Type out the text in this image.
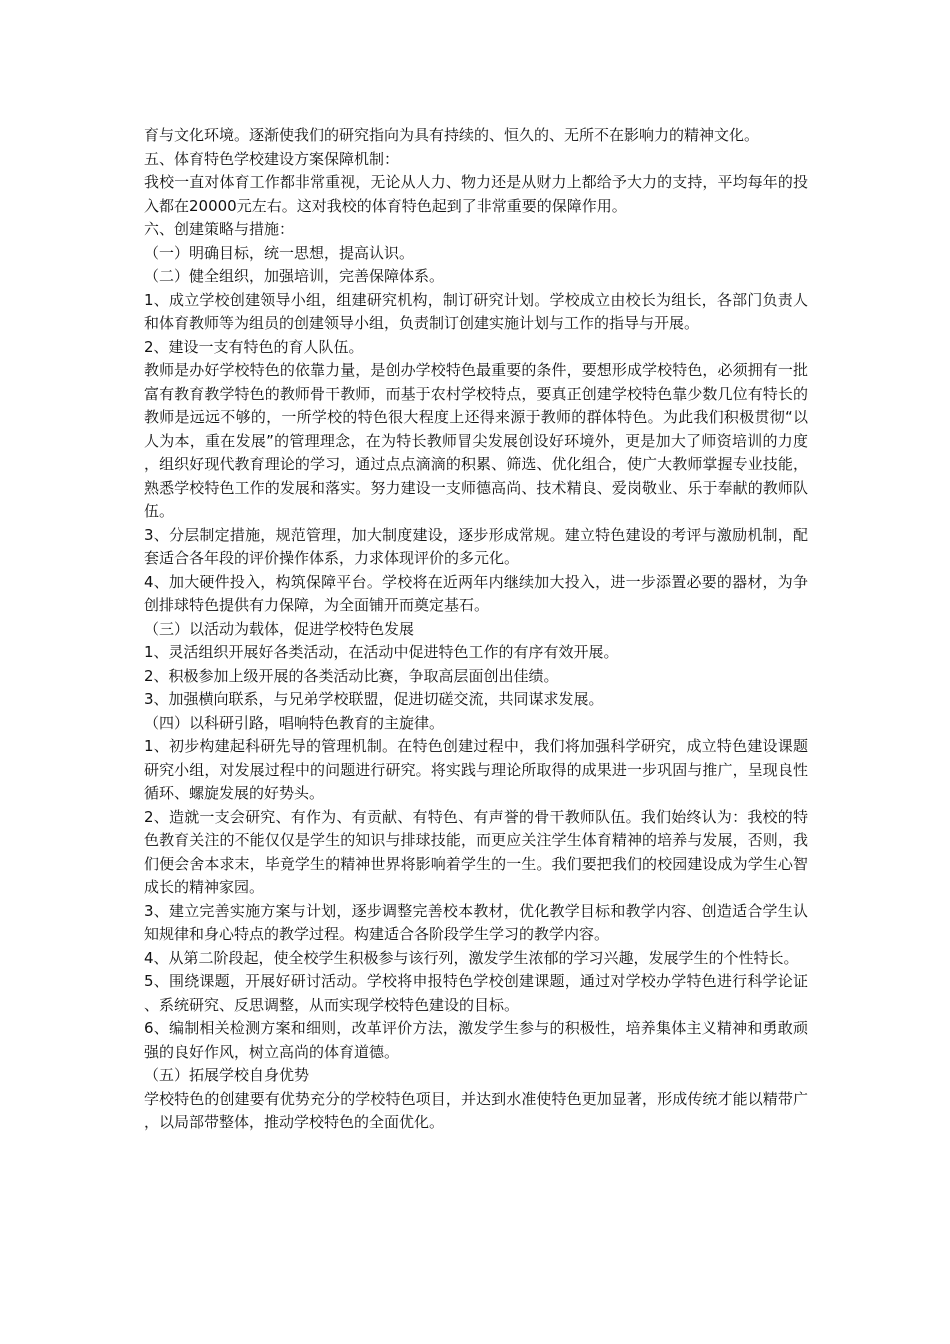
育与文化环境。逐渐使我们的研究指向为具有持续的、恒久的、无所不在影响力的精神文化。

五、体育特色学校建设方案保障机制：

我校一直对体育工作都非常重视，无论从人力、物力还是从财力上都给予大力的支持，平均每年的投入都在20000元左右。这对我校的体育特色起到了非常重要的保障作用。

六、创建策略与措施：

（一）明确目标，统一思想，提高认识。

（二）健全组织，加强培训，完善保障体系。

1、成立学校创建领导小组，组建研究机构，制订研究计划。学校成立由校长为组长，各部门负责人和体育教师等为组员的创建领导小组，负责制订创建实施计划与工作的指导与开展。

2、建设一支有特色的育人队伍。

教师是办好学校特色的依靠力量，是创办学校特色最重要的条件，要想形成学校特色，必须拥有一批富有教育教学特色的教师骨干教师，而基于农村学校特点，要真正创建学校特色靠少数几位有特长的教师是远远不够的，一所学校的特色很大程度上还得来源于教师的群体特色。为此我们积极贯彻“以人为本，重在发展”的管理理念，在为特长教师冒尖发展创设好环境外，更是加大了师资培训的力度，组织好现代教育理论的学习，通过点点滴滴的积累、筛选、优化组合，使广大教师掌握专业技能，熟悉学校特色工作的发展和落实。努力建设一支师德高尚、技术精良、爱岗敬业、乐于奉献的教师队伍。

3、分层制定措施，规范管理，加大制度建设，逐步形成常规。建立特色建设的考评与激励机制，配套适合各年段的评价操作体系，力求体现评价的多元化。

4、加大硬件投入，构筑保障平台。学校将在近两年内继续加大投入，进一步添置必要的器材，为争创排球特色提供有力保障，为全面铺开而奠定基石。

（三）以活动为载体，促进学校特色发展

1、灵活组织开展好各类活动，在活动中促进特色工作的有序有效开展。

2、积极参加上级开展的各类活动比赛，争取高层面创出佳绩。

3、加强横向联系，与兄弟学校联盟，促进切磋交流，共同谋求发展。

（四）以科研引路，唱响特色教育的主旋律。

1、初步构建起科研先导的管理机制。在特色创建过程中，我们将加强科学研究，成立特色建设课题研究小组，对发展过程中的问题进行研究。将实践与理论所取得的成果进一步巩固与推广，呈现良性循环、螺旋发展的好势头。

2、造就一支会研究、有作为、有贡献、有特色、有声誉的骨干教师队伍。我们始终认为：我校的特色教育关注的不能仅仅是学生的知识与排球技能，而更应关注学生体育精神的培养与发展，否则，我们便会舍本求末，毕竟学生的精神世界将影响着学生的一生。我们要把我们的校园建设成为学生心智成长的精神家园。

3、建立完善实施方案与计划，逐步调整完善校本教材，优化教学目标和教学内容、创造适合学生认知规律和身心特点的教学过程。构建适合各阶段学生学习的教学内容。

4、从第二阶段起，使全校学生积极参与该行列，激发学生浓郁的学习兴趣，发展学生的个性特长。

5、围绕课题，开展好研讨活动。学校将申报特色学校创建课题，通过对学校办学特色进行科学论证、系统研究、反思调整，从而实现学校特色建设的目标。

6、编制相关检测方案和细则，改革评价方法，激发学生参与的积极性，培养集体主义精神和勇敢顽强的良好作风，树立高尚的体育道德。

（五）拓展学校自身优势

学校特色的创建要有优势充分的学校特色项目，并达到水准使特色更加显著，形成传统才能以精带广，以局部带整体，推动学校特色的全面优化。
